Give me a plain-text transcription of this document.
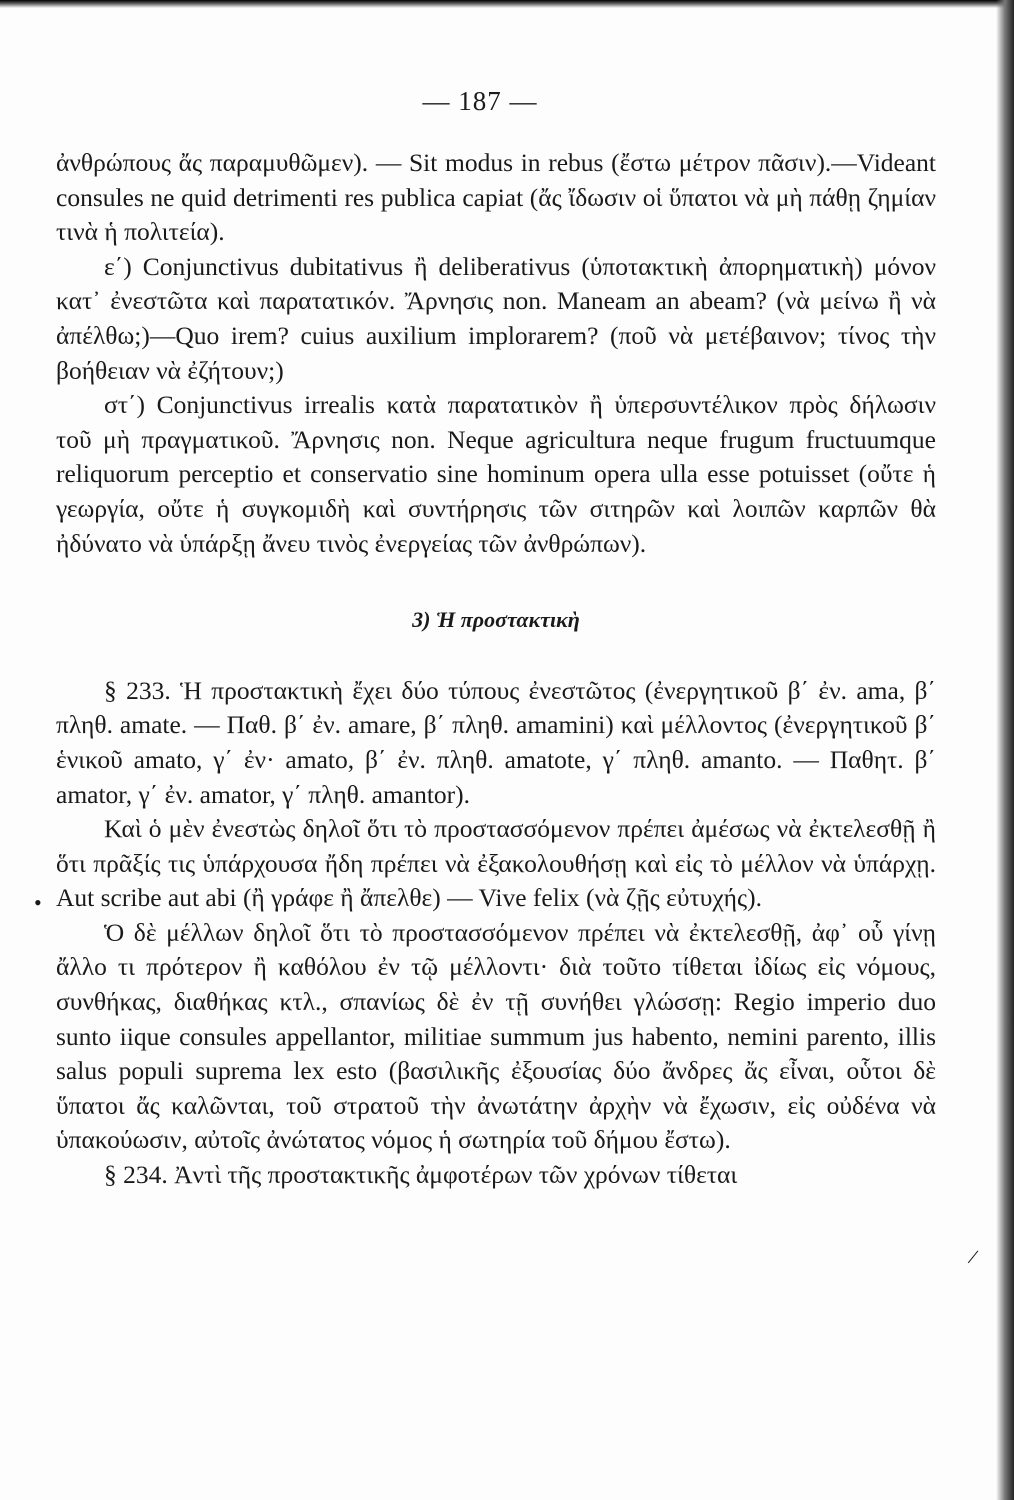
— 187 —

ἀνθρώπους ἄς παραμυθῶμεν). — Sit modus in rebus (ἔστω μέτρον πᾶσιν).—Videant consules ne quid detrimenti res publica capiat (ἄς ἴδωσιν οἱ ὕπατοι νὰ μὴ πάθῃ ζημίαν τινὰ ἡ πολιτεία).

ε΄) Conjunctivus dubitativus ἢ deliberativus (ὑποτακτικὴ ἀπορηματικὴ) μόνον κατ᾽ ἐνεστῶτα καὶ παρατατικόν. Ἄρνησις non. Maneam an abeam? (νὰ μείνω ἢ νὰ ἀπέλθω;)—Quo irem? cuius auxilium implorarem? (ποῦ νὰ μετέβαινον; τίνος τὴν βοήθειαν νὰ ἐζήτουν;)

στ΄) Conjunctivus irrealis κατὰ παρατατικὸν ἢ ὑπερσυντέλικον πρὸς δήλωσιν τοῦ μὴ πραγματικοῦ. Ἄρνησις non. Neque agricultura neque frugum fructuumque reliquorum perceptio et conservatio sine hominum opera ulla esse potuisset (οὔτε ἡ γεωργία, οὔτε ἡ συγκομιδὴ καὶ συντήρησις τῶν σιτηρῶν καὶ λοιπῶν καρπῶν θὰ ἠδύνατο νὰ ὑπάρξῃ ἄνευ τινὸς ἐνεργείας τῶν ἀνθρώπων).

3) Ἡ προστακτικὴ

§ 233. Ἡ προστακτικὴ ἔχει δύο τύπους ἐνεστῶτος (ἐνεργητικοῦ β΄ ἐν. ama, β΄ πληθ. amate. — Παθ. β΄ ἐν. amare, β΄ πληθ. amamini) καὶ μέλλοντος (ἐνεργητικοῦ β΄ ἑνικοῦ amato, γ΄ ἐν· amato, β΄ ἐν. πληθ. amatote, γ΄ πληθ. amanto. — Παθητ. β΄ amator, γ΄ ἐν. amator, γ΄ πληθ. amantor).

Καὶ ὁ μὲν ἐνεστὼς δηλοῖ ὅτι τὸ προστασσόμενον πρέπει ἀμέσως νὰ ἐκτελεσθῇ ἢ ὅτι πρᾶξίς τις ὑπάρχουσα ἤδη πρέπει νὰ ἐξακολουθήσῃ καὶ εἰς τὸ μέλλον νὰ ὑπάρχῃ. Aut scribe aut abi (ἢ γράφε ἢ ἄπελθε) — Vive felix (νὰ ζῇς εὐτυχής).

Ὁ δὲ μέλλων δηλοῖ ὅτι τὸ προστασσόμενον πρέπει νὰ ἐκτελεσθῇ, ἀφ᾽ οὗ γίνῃ ἄλλο τι πρότερον ἢ καθόλου ἐν τῷ μέλλοντι· διὰ τοῦτο τίθεται ἰδίως εἰς νόμους, συνθήκας, διαθήκας κτλ., σπανίως δὲ ἐν τῇ συνήθει γλώσσῃ: Regio imperio duo sunto iique consules appellantor, militiae summum jus habento, nemini parento, illis salus populi suprema lex esto (βασιλικῆς ἐξουσίας δύο ἄνδρες ἄς εἶναι, οὗτοι δὲ ὕπατοι ἄς καλῶνται, τοῦ στρατοῦ τὴν ἀνωτάτην ἀρχὴν νὰ ἔχωσιν, εἰς οὐδένα νὰ ὑπακούωσιν, αὐτοῖς ἀνώτατος νόμος ἡ σωτηρία τοῦ δήμου ἔστω).

§ 234. Ἀντὶ τῆς προστακτικῆς ἀμφοτέρων τῶν χρόνων τίθεται

•
/
